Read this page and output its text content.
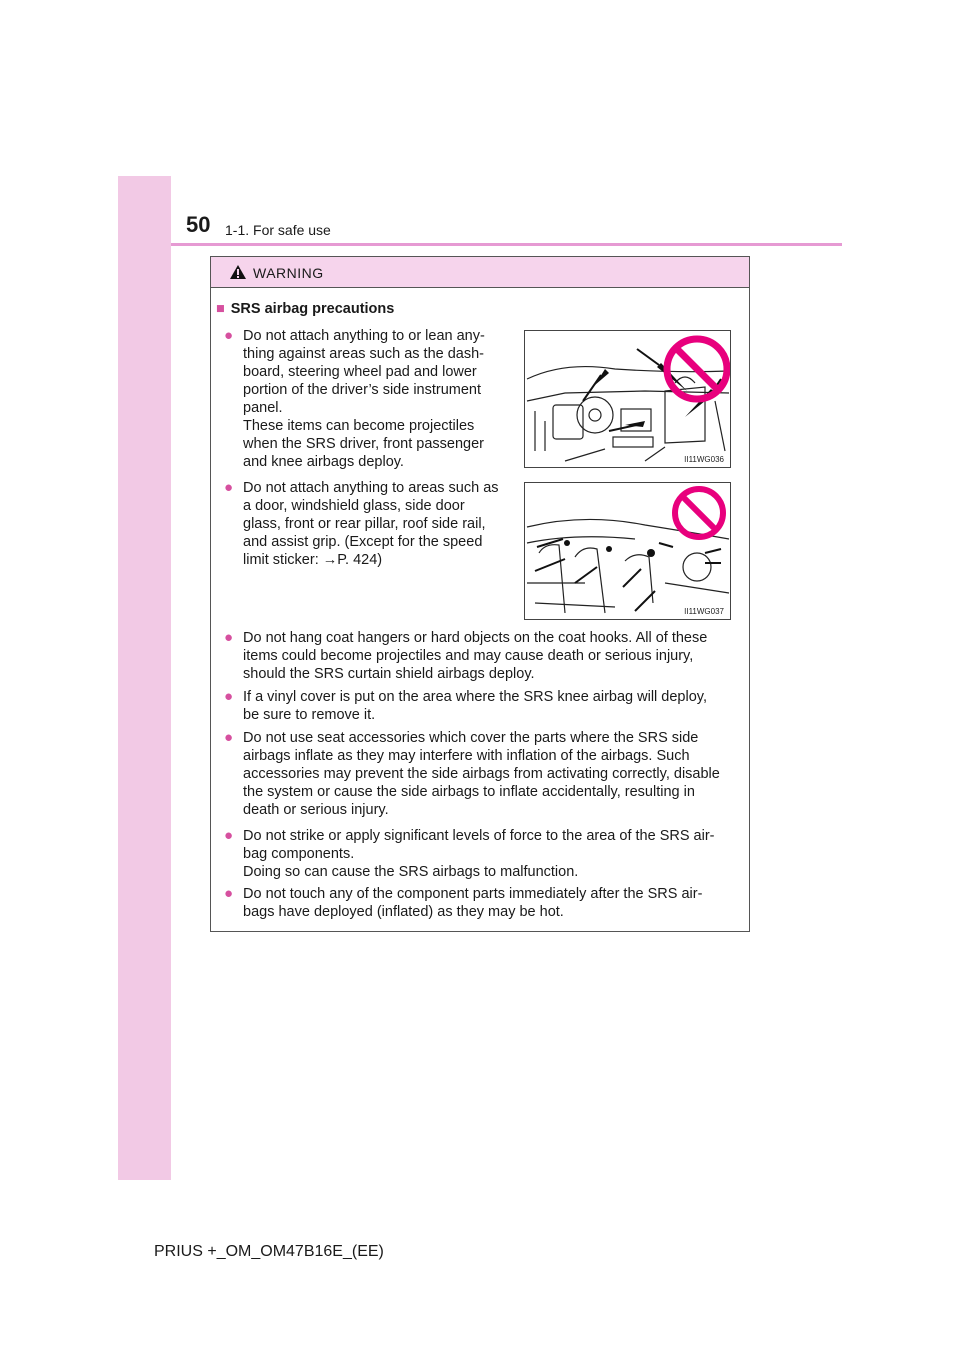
50 1-1. For safe use
WARNING
■ SRS airbag precautions
● Do not attach anything to or lean any-
thing against areas such as the dash-
board, steering wheel pad and lower
portion of the driver’s side instrument
panel.
These items can become projectiles
when the SRS driver, front passenger
and knee airbags deploy.	II11WG036
● Do not attach anything to areas such as
a door, windshield glass, side door
glass, front or rear pillar, roof side rail,
and assist grip. (Except for the speed
limit sticker: →P. 424)
II11WG037
● Do not hang coat hangers or hard objects on the coat hooks. All of these
items could become projectiles and may cause death or serious injury,
should the SRS curtain shield airbags deploy.
● If a vinyl cover is put on the area where the SRS knee airbag will deploy,
be sure to remove it.
● Do not use seat accessories which cover the parts where the SRS side
airbags inflate as they may interfere with inflation of the airbags. Such
accessories may prevent the side airbags from activating correctly, disable
the system or cause the side airbags to inflate accidentally, resulting in
death or serious injury.
● Do not strike or apply significant levels of force to the area of the SRS air-
bag components.
Doing so can cause the SRS airbags to malfunction.
● Do not touch any of the component parts immediately after the SRS air-
bags have deployed (inflated) as they may be hot.
PRIUS +_OM_OM47B16E_(EE)
